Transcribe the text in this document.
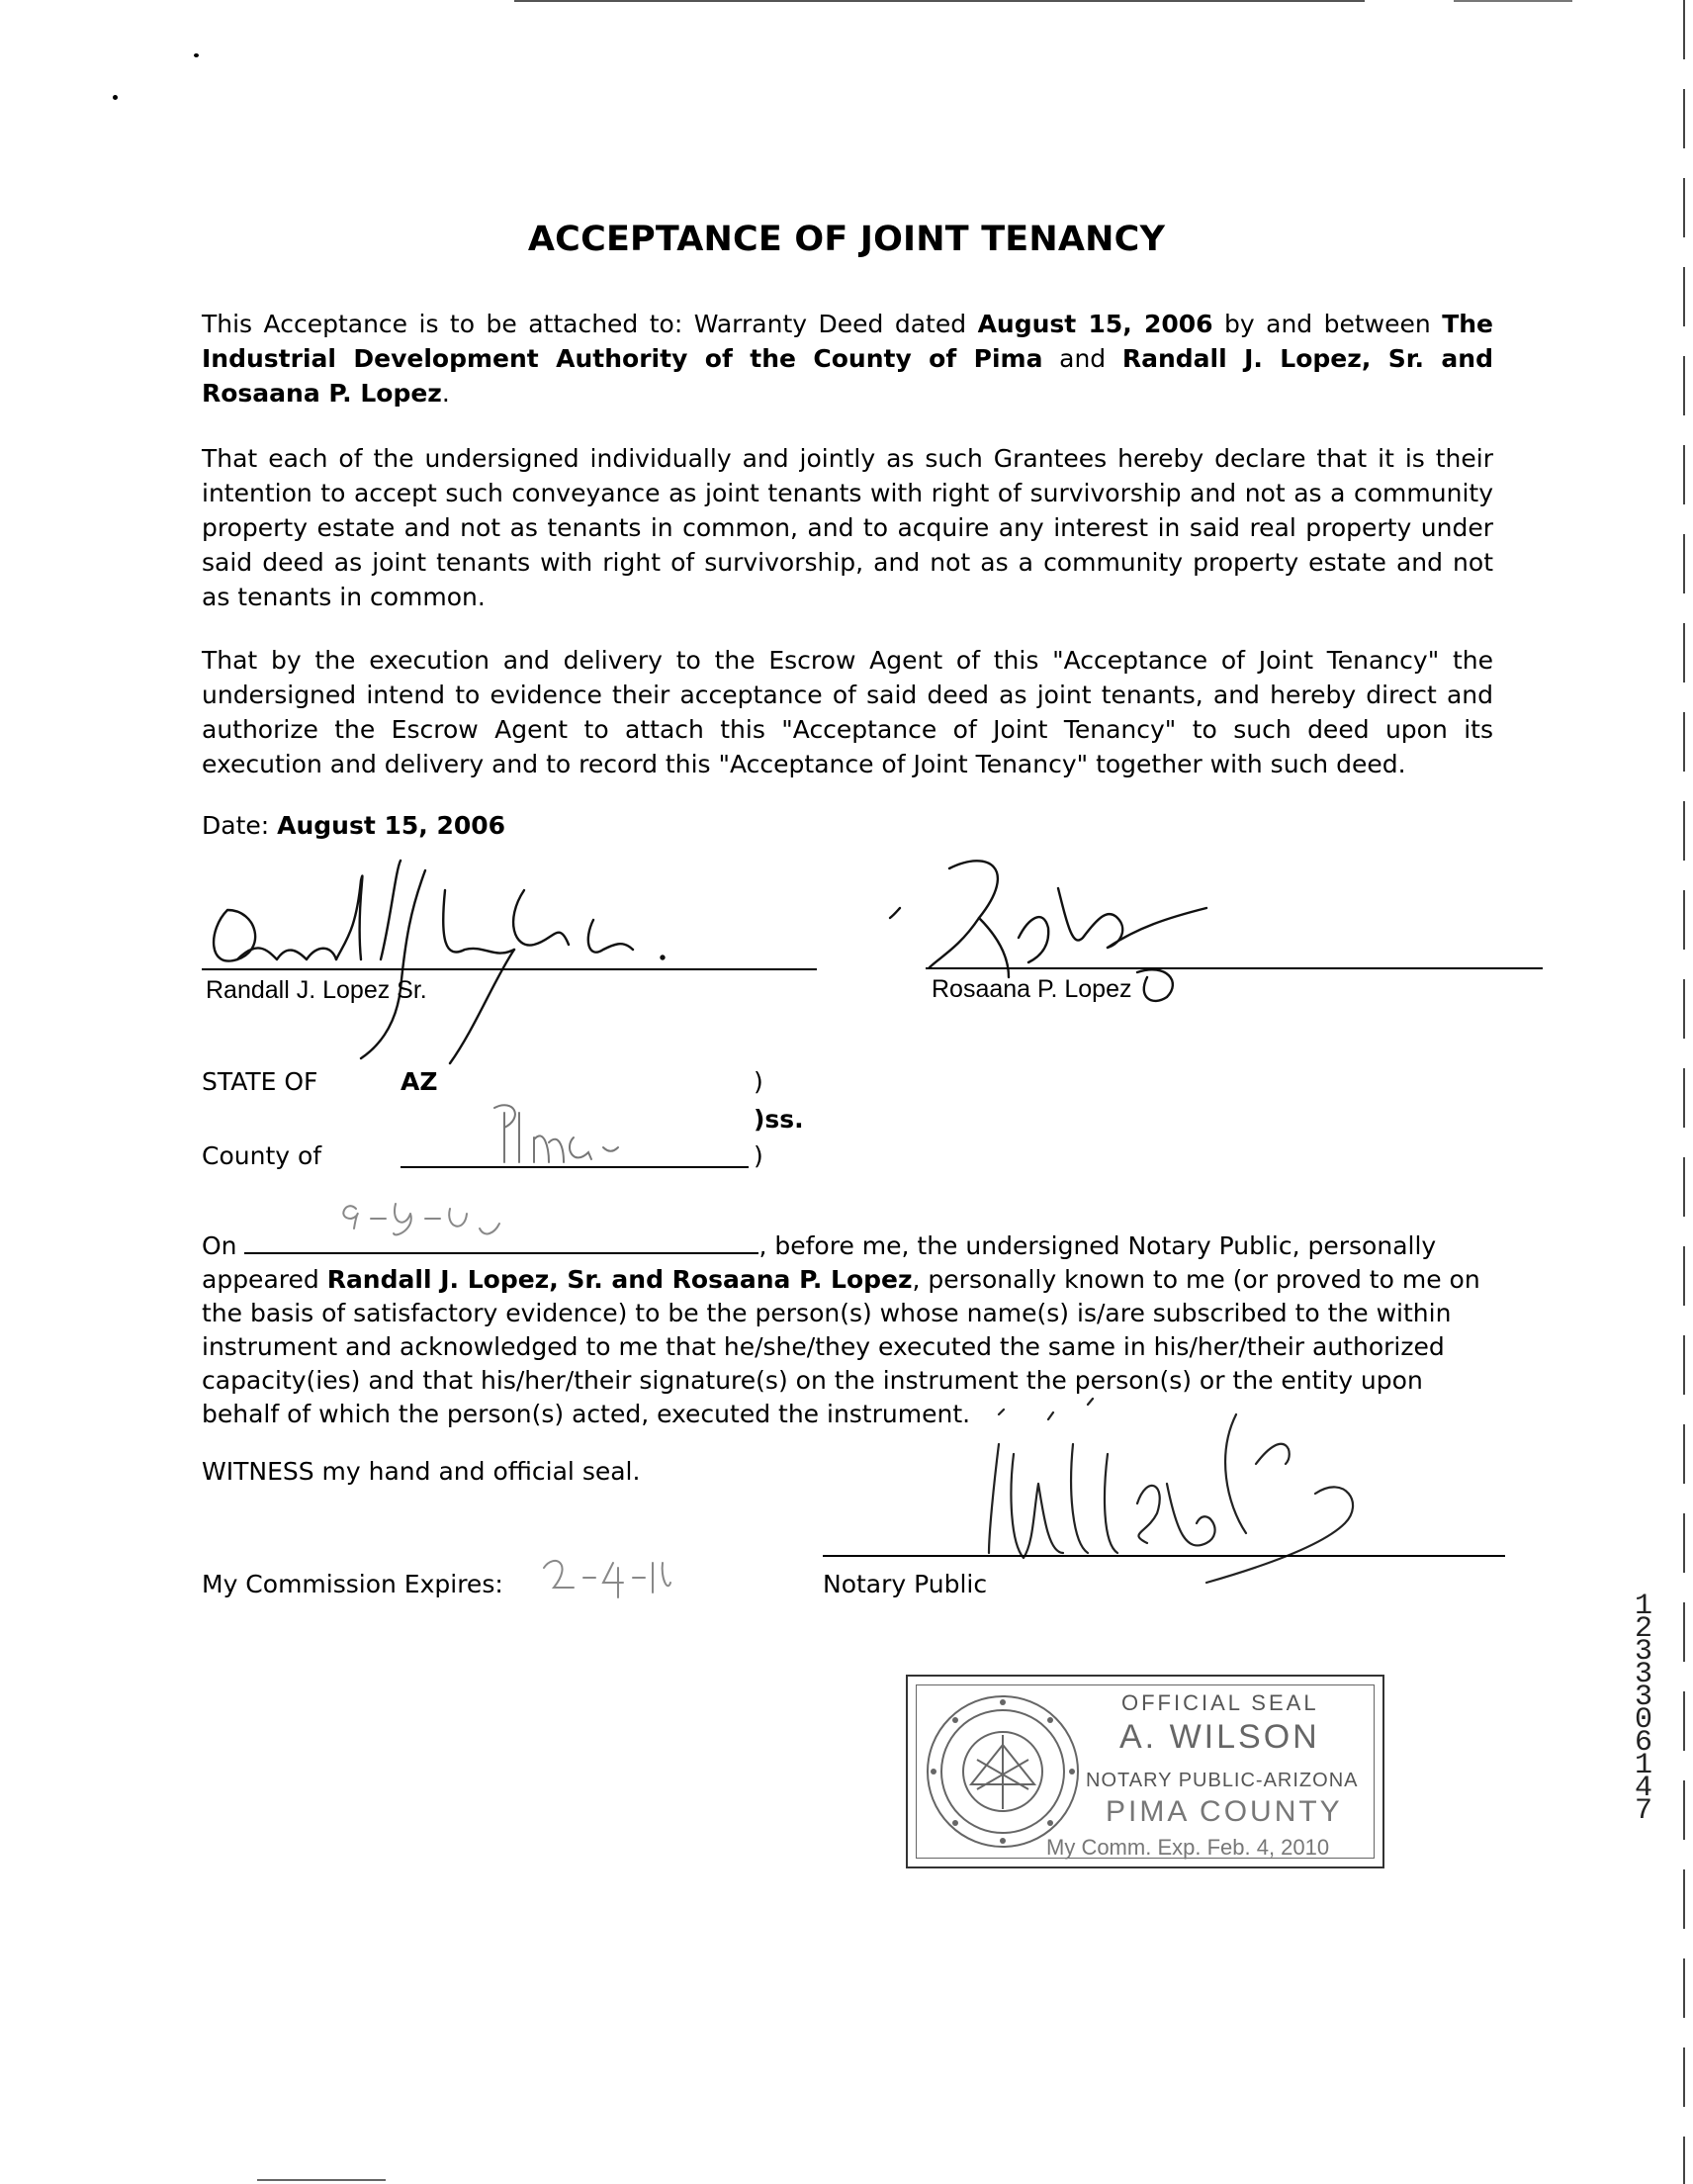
ACCEPTANCE OF JOINT TENANCY
This Acceptance is to be attached to: Warranty Deed dated August 15, 2006 by and between The Industrial Development Authority of the County of Pima and Randall J. Lopez, Sr. and Rosaana P. Lopez.
That each of the undersigned individually and jointly as such Grantees hereby declare that it is their intention to accept such conveyance as joint tenants with right of survivorship and not as a community property estate and not as tenants in common, and to acquire any interest in said real property under said deed as joint tenants with right of survivorship, and not as a community property estate and not as tenants in common.
That by the execution and delivery to the Escrow Agent of this "Acceptance of Joint Tenancy" the undersigned intend to evidence their acceptance of said deed as joint tenants, and hereby direct and authorize the Escrow Agent to attach this "Acceptance of Joint Tenancy" to such deed upon its execution and delivery and to record this "Acceptance of Joint Tenancy" together with such deed.
Date: August 15, 2006
Randall J. Lopez Sr.	Rosaana P. Lopez
STATE OF	AZ	)
)ss.
County of	)
On	, before me, the undersigned Notary Public, personally appeared Randall J. Lopez, Sr. and Rosaana P. Lopez, personally known to me (or proved to me on the basis of satisfactory evidence) to be the person(s) whose name(s) is/are subscribed to the within instrument and acknowledged to me that he/she/they executed the same in his/her/their authorized capacity(ies) and that his/her/their signature(s) on the instrument the person(s) or the entity upon behalf of which the person(s) acted, executed the instrument.
WITNESS my hand and official seal.
My Commission Expires:	Notary Public
OFFICIAL SEAL
A. WILSON
NOTARY PUBLIC-ARIZONA
PIMA COUNTY
My Comm. Exp. Feb. 4, 2010
1 2 3 3 3 0 6 1 4 7
